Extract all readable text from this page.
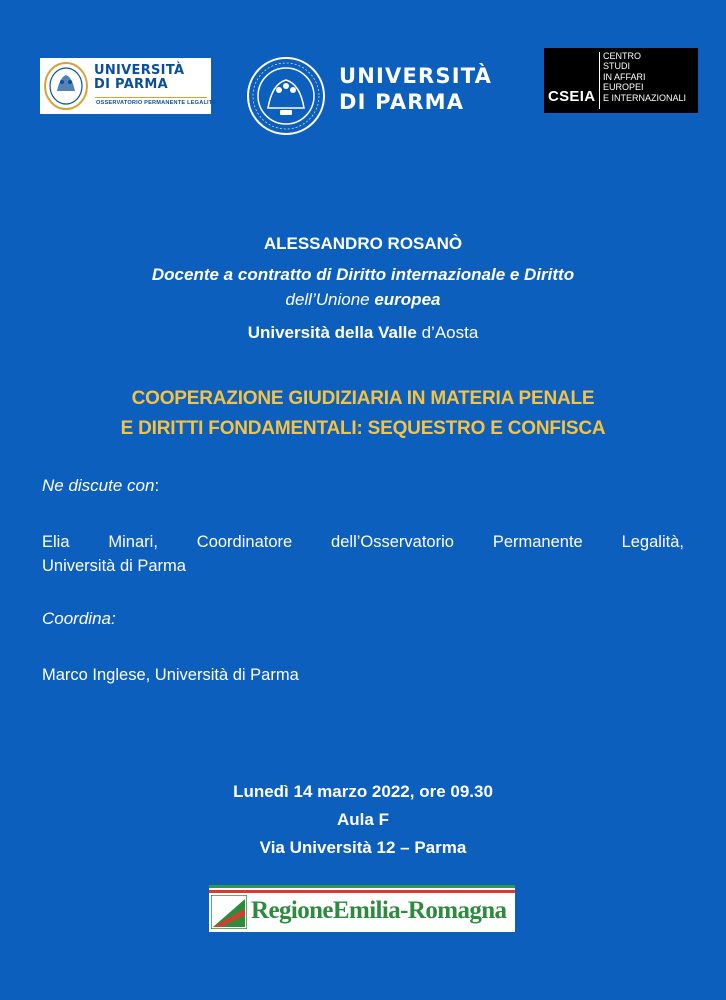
UNIVERSITÀ
DI PARMA
OSSERVATORIO PERMANENTE LEGALITÀ
UNIVERSITÀ
DI PARMA	CSEIA
CENTRO
STUDI
IN AFFARI
EUROPEI
E INTERNAZIONALI
ALESSANDRO ROSANÒ
Docente a contratto di Diritto internazionale e Diritto
dell’Unione europea
Università della Valle d’Aosta
COOPERAZIONE GIUDIZIARIA IN MATERIA PENALE
E DIRITTI FONDAMENTALI: SEQUESTRO E CONFISCA
Ne discute con:
Elia Minari, Coordinatore dell’Osservatorio Permanente Legalità,
Università di Parma
Coordina:
Marco Inglese, Università di Parma
Lunedì 14 marzo 2022, ore 09.30
Aula F
Via Università 12 – Parma
RegioneEmilia-Romagna
